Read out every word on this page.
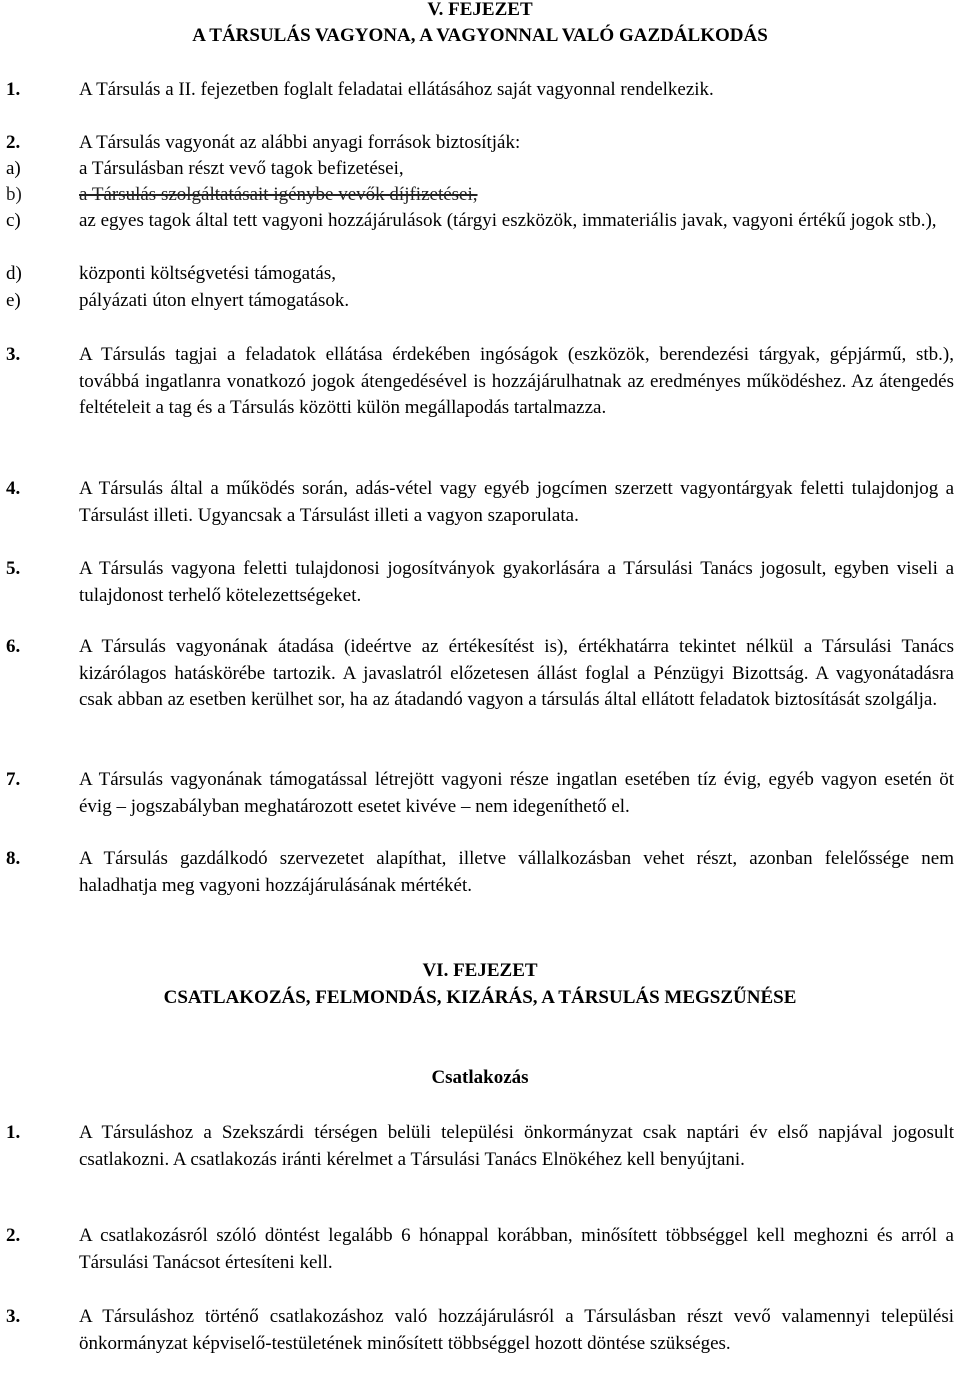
V. FEJEZET
A TÁRSULÁS VAGYONA, A VAGYONNAL VALÓ GAZDÁLKODÁS
1.	A Társulás a II. fejezetben foglalt feladatai ellátásához saját vagyonnal rendelkezik.
2.	A Társulás vagyonát az alábbi anyagi források biztosítják:
a)	a Társulásban részt vevő tagok befizetései,
b)	a Társulás szolgáltatásait igénybe vevők díjfizetései,
c)	az egyes tagok által tett vagyoni hozzájárulások (tárgyi eszközök, immateriális javak, vagyoni értékű jogok stb.),
d)	központi költségvetési támogatás,
e)	pályázati úton elnyert támogatások.
3.	A Társulás tagjai a feladatok ellátása érdekében ingóságok (eszközök, berendezési tárgyak, gépjármű, stb.), továbbá ingatlanra vonatkozó jogok átengedésével is hozzájárulhatnak az eredményes működéshez. Az átengedés feltételeit a tag és a Társulás közötti külön megállapodás tartalmazza.
4.	A Társulás által a működés során, adás-vétel vagy egyéb jogcímen szerzett vagyontárgyak feletti tulajdonjog a Társulást illeti. Ugyancsak a Társulást illeti a vagyon szaporulata.
5.	A Társulás vagyona feletti tulajdonosi jogosítványok gyakorlására a Társulási Tanács jogosult, egyben viseli a tulajdonost terhelő kötelezettségeket.
6.	A Társulás vagyonának átadása (ideértve az értékesítést is), értékhatárra tekintet nélkül a Társulási Tanács kizárólagos hatáskörébe tartozik. A javaslatról előzetesen állást foglal a Pénzügyi Bizottság. A vagyonátadásra csak abban az esetben kerülhet sor, ha az átadandó vagyon a társulás által ellátott feladatok biztosítását szolgálja.
7.	A Társulás vagyonának támogatással létrejött vagyoni része ingatlan esetében tíz évig, egyéb vagyon esetén öt évig – jogszabályban meghatározott esetet kivéve – nem idegeníthető el.
8.	A Társulás gazdálkodó szervezetet alapíthat, illetve vállalkozásban vehet részt, azonban felelőssége nem haladhatja meg vagyoni hozzájárulásának mértékét.
VI. FEJEZET
CSATLAKOZÁS, FELMONDÁS, KIZÁRÁS, A TÁRSULÁS MEGSZŰNÉSE
Csatlakozás
1.	A Társuláshoz a Szekszárdi térségen belüli települési önkormányzat csak naptári év első napjával jogosult csatlakozni. A csatlakozás iránti kérelmet a Társulási Tanács Elnökéhez kell benyújtani.
2.	A csatlakozásról szóló döntést legalább 6 hónappal korábban, minősített többséggel kell meghozni és arról a Társulási Tanácsot értesíteni kell.
3.	A Társuláshoz történő csatlakozáshoz való hozzájárulásról a Társulásban részt vevő valamennyi települési önkormányzat képviselő-testületének minősített többséggel hozott döntése szükséges.
